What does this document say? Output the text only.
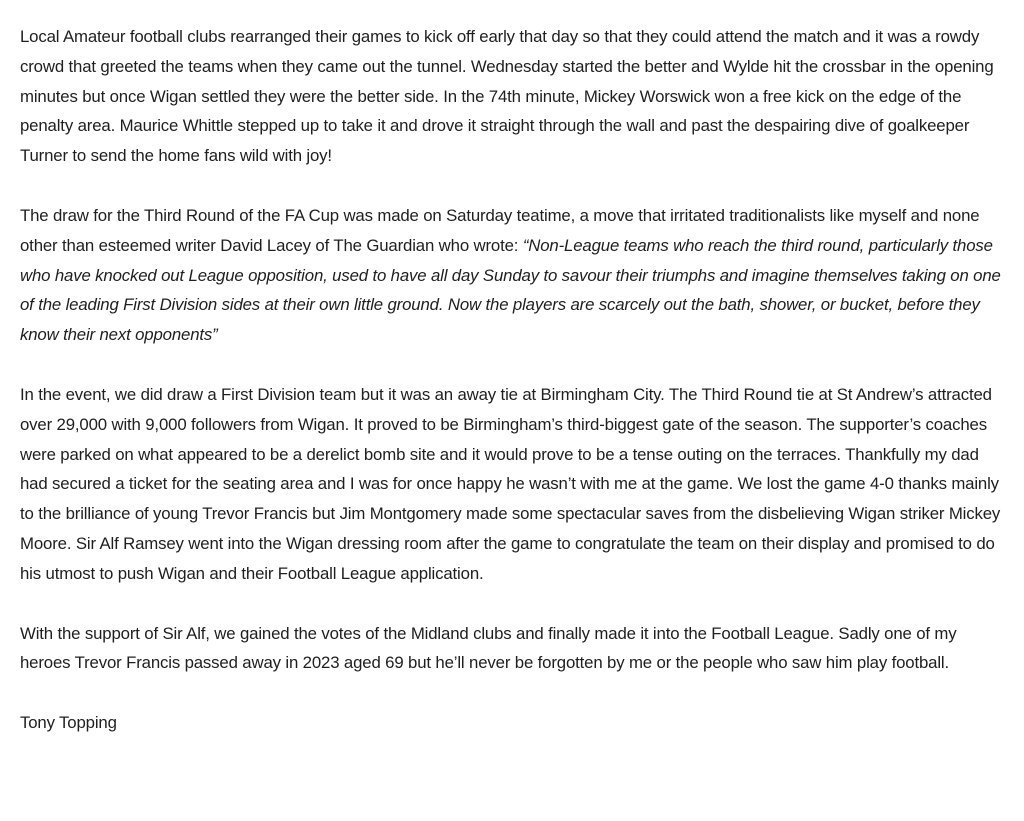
Local Amateur football clubs rearranged their games to kick off early that day so that they could attend the match and it was a rowdy crowd that greeted the teams when they came out the tunnel. Wednesday started the better and Wylde hit the crossbar in the opening minutes but once Wigan settled they were the better side. In the 74th minute, Mickey Worswick won a free kick on the edge of the penalty area. Maurice Whittle stepped up to take it and drove it straight through the wall and past the despairing dive of goalkeeper Turner to send the home fans wild with joy!

The draw for the Third Round of the FA Cup was made on Saturday teatime, a move that irritated traditionalists like myself and none other than esteemed writer David Lacey of The Guardian who wrote: “Non-League teams who reach the third round, particularly those who have knocked out League opposition, used to have all day Sunday to savour their triumphs and imagine themselves taking on one of the leading First Division sides at their own little ground. Now the players are scarcely out the bath, shower, or bucket, before they know their next opponents”

In the event, we did draw a First Division team but it was an away tie at Birmingham City. The Third Round tie at St Andrew’s attracted over 29,000 with 9,000 followers from Wigan. It proved to be Birmingham’s third-biggest gate of the season. The supporter’s coaches were parked on what appeared to be a derelict bomb site and it would prove to be a tense outing on the terraces. Thankfully my dad had secured a ticket for the seating area and I was for once happy he wasn’t with me at the game. We lost the game 4-0 thanks mainly to the brilliance of young Trevor Francis but Jim Montgomery made some spectacular saves from the disbelieving Wigan striker Mickey Moore. Sir Alf Ramsey went into the Wigan dressing room after the game to congratulate the team on their display and promised to do his utmost to push Wigan and their Football League application.

With the support of Sir Alf, we gained the votes of the Midland clubs and finally made it into the Football League. Sadly one of my heroes Trevor Francis passed away in 2023 aged 69 but he’ll never be forgotten by me or the people who saw him play football.

Tony Topping
